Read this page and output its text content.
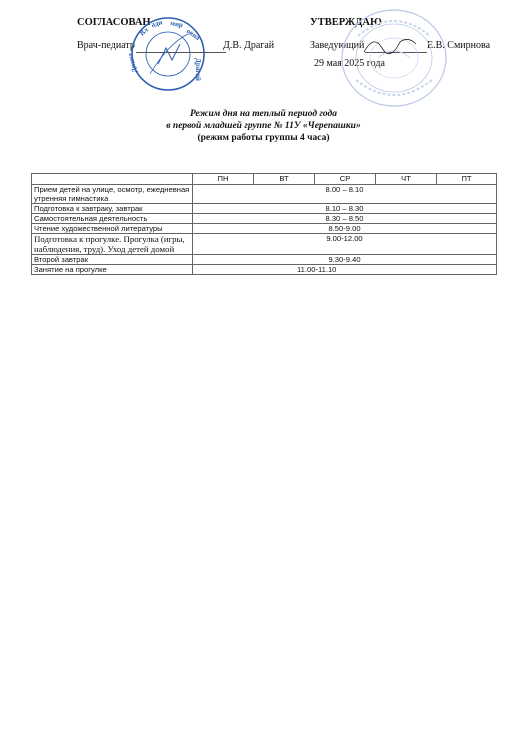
СОГЛАСОВАН
Врач-педиатр	Д.В. Драгай
УТВЕРЖДАЮ
Заведующий	Е.В. Смирнова
29 мая 2025 года
Вл
ади мир
овна
Диана	Драгай
Режим дня на теплый период года
в первой младшей группе № 11У «Черепашки»
(режим работы группы 4 часа)
	ПН	ВТ	СР	ЧТ	ПТ
Прием детей на улице, осмотр, ежедневная утренняя гимнастика	8.00 – 8.10				
Подготовка к завтраку, завтрак	8.10 – 8.30				
Самостоятельная деятельность	8.30 – 8.50				
Чтение художественной литературы	8.50-9.00				
Подготовка к прогулке. Прогулка (игры, наблюдения, труд). Уход детей домой	9.00-12.00				
Второй завтрак	9.30-9.40				
Занятие на прогулке	11.00-11.10				
